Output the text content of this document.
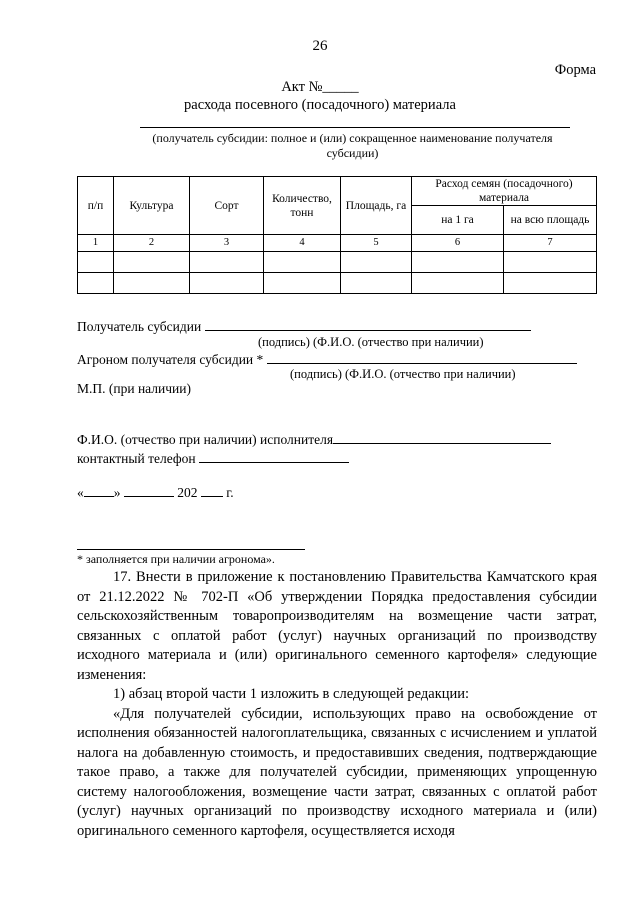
26
Форма
Акт №_____
расхода посевного (посадочного) материала
(получатель субсидии: полное и (или) сокращенное наименование получателя субсидии)
п/п	Культура	Сорт	Количество, тонн	Площадь, га	Расход семян (посадочного) материала	
					на 1 га	на всю площадь
1	2	3	4	5	6	7

Получатель субсидии
(подпись) (Ф.И.О. (отчество при наличии)
Агроном получателя субсидии *
(подпись) (Ф.И.О. (отчество при наличии)
М.П. (при наличии)
Ф.И.О. (отчество при наличии) исполнителя
контактный телефон
« »	202 г.
* заполняется при наличии агронома».

17. Внести в приложение к постановлению Правительства Камчатского края от 21.12.2022 № 702-П «Об утверждении Порядка предоставления субсидии сельскохозяйственным товаропроизводителям на возмещение части затрат, связанных с оплатой работ (услуг) научных организаций по производству исходного материала и (или) оригинального семенного картофеля» следующие изменения:

1) абзац второй части 1 изложить в следующей редакции:

«Для получателей субсидии, использующих право на освобождение от исполнения обязанностей налогоплательщика, связанных с исчислением и уплатой налога на добавленную стоимость, и предоставивших сведения, подтверждающие такое право, а также для получателей субсидии, применяющих упрощенную систему налогообложения, возмещение части затрат, связанных с оплатой работ (услуг) научных организаций по производству исходного материала и (или) оригинального семенного картофеля, осуществляется исходя
